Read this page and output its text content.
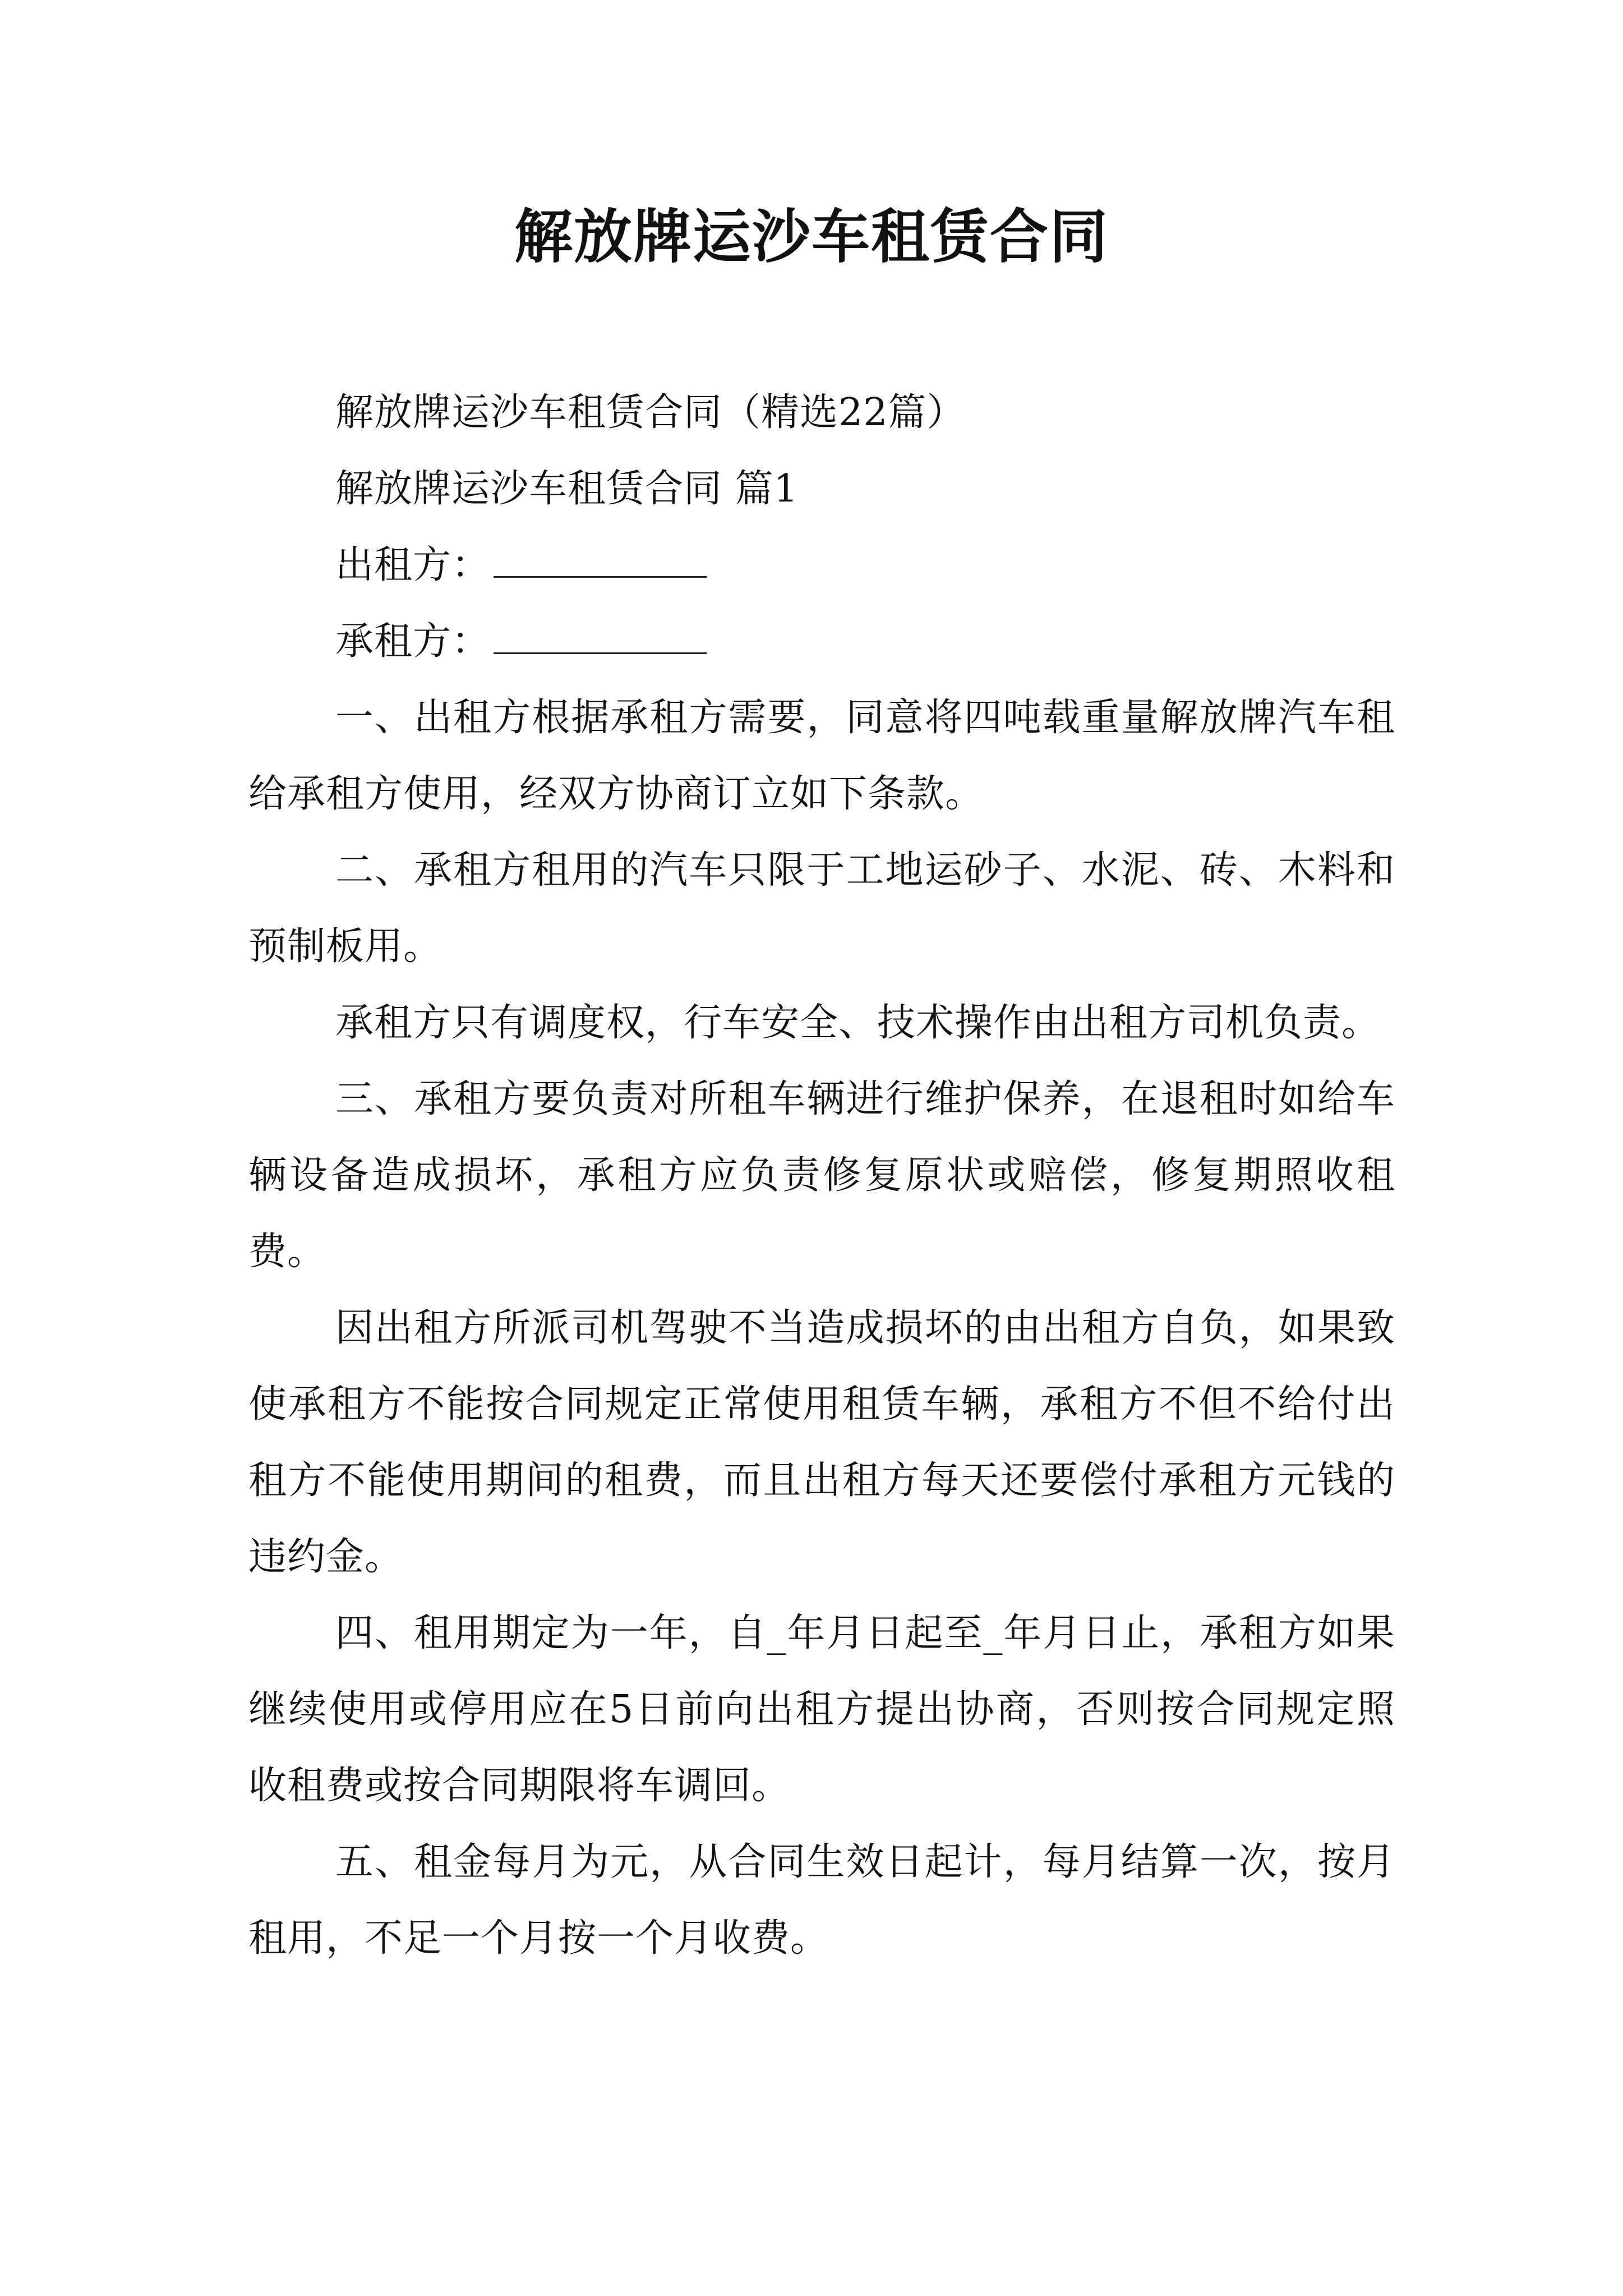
解放牌运沙车租赁合同

解放牌运沙车租赁合同（精选22篇）

解放牌运沙车租赁合同 篇1

出租方：

承租方：

一、出租方根据承租方需要，同意将四吨载重量解放牌汽车租给承租方使用，经双方协商订立如下条款。

二、承租方租用的汽车只限于工地运砂子、水泥、砖、木料和预制板用。

承租方只有调度权，行车安全、技术操作由出租方司机负责。

三、承租方要负责对所租车辆进行维护保养，在退租时如给车辆设备造成损坏，承租方应负责修复原状或赔偿，修复期照收租费。

因出租方所派司机驾驶不当造成损坏的由出租方自负，如果致使承租方不能按合同规定正常使用租赁车辆，承租方不但不给付出租方不能使用期间的租费，而且出租方每天还要偿付承租方元钱的违约金。

四、租用期定为一年，自_年月日起至_年月日止，承租方如果继续使用或停用应在5日前向出租方提出协商，否则按合同规定照收租费或按合同期限将车调回。

五、租金每月为元，从合同生效日起计，每月结算一次，按月租用，不足一个月按一个月收费。
